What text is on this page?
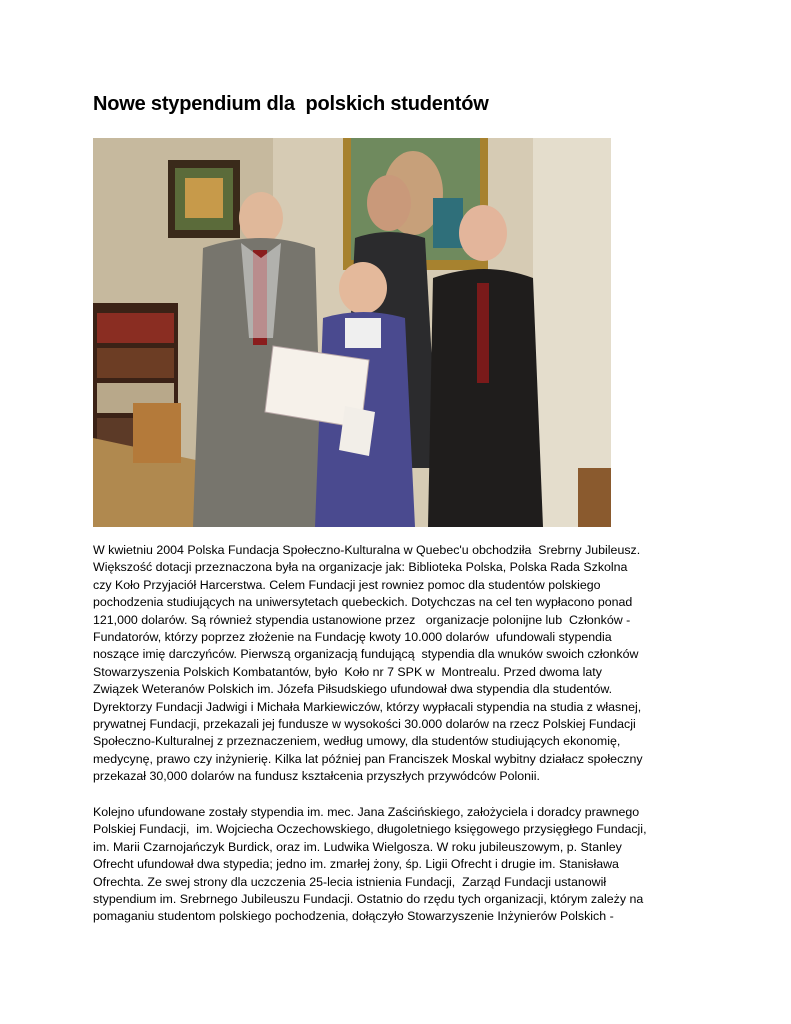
Nowe stypendium dla  polskich studentów
W kwietniu 2004 Polska Fundacja Społeczno-Kulturalna w Quebec'u obchodziła  Srebrny Jubileusz.
Większość dotacji przeznaczona była na organizacje jak: Biblioteka Polska, Polska Rada Szkolna
czy Koło Przyjaciół Harcerstwa. Celem Fundacji jest rowniez pomoc dla studentów polskiego
pochodzenia studiujących na uniwersytetach quebeckich. Dotychczas na cel ten wypłacono ponad
121,000 dolarów. Są również stypendia ustanowione przez   organizacje polonijne lub  Członków -
Fundatorów, którzy poprzez złożenie na Fundację kwoty 10.000 dolarów  ufundowali stypendia
noszące imię darczyńców. Pierwszą organizacją fundującą  stypendia dla wnuków swoich członków
Stowarzyszenia Polskich Kombatantów, było  Koło nr 7 SPK w  Montrealu. Przed dwoma laty
Związek Weteranów Polskich im. Józefa Piłsudskiego ufundował dwa stypendia dla studentów.
Dyrektorzy Fundacji Jadwigi i Michała Markiewiczów, którzy wypłacali stypendia na studia z własnej,
prywatnej Fundacji, przekazali jej fundusze w wysokości 30.000 dolarów na rzecz Polskiej Fundacji
Społeczno-Kulturalnej z przeznaczeniem, według umowy, dla studentów studiujących ekonomię,
medycynę, prawo czy inżynierię. Kilka lat później pan Franciszek Moskal wybitny działacz społeczny
przekazał 30,000 dolarów na fundusz kształcenia przyszłych przywódców Polonii.
Kolejno ufundowane zostały stypendia im. mec. Jana Zaścińskiego, założyciela i doradcy prawnego
Polskiej Fundacji,  im. Wojciecha Oczechowskiego, długoletniego księgowego przysięgłego Fundacji,
im. Marii Czarnojańczyk Burdick, oraz im. Ludwika Wielgosza. W roku jubileuszowym, p. Stanley
Ofrecht ufundował dwa stypedia; jedno im. zmarłej żony, śp. Ligii Ofrecht i drugie im. Stanisława
Ofrechta. Ze swej strony dla uczczenia 25-lecia istnienia Fundacji,  Zarząd Fundacji ustanowił
stypendium im. Srebrnego Jubileuszu Fundacji. Ostatnio do rzędu tych organizacji, którym zależy na
pomaganiu studentom polskiego pochodzenia, dołączyło Stowarzyszenie Inżynierów Polskich -
